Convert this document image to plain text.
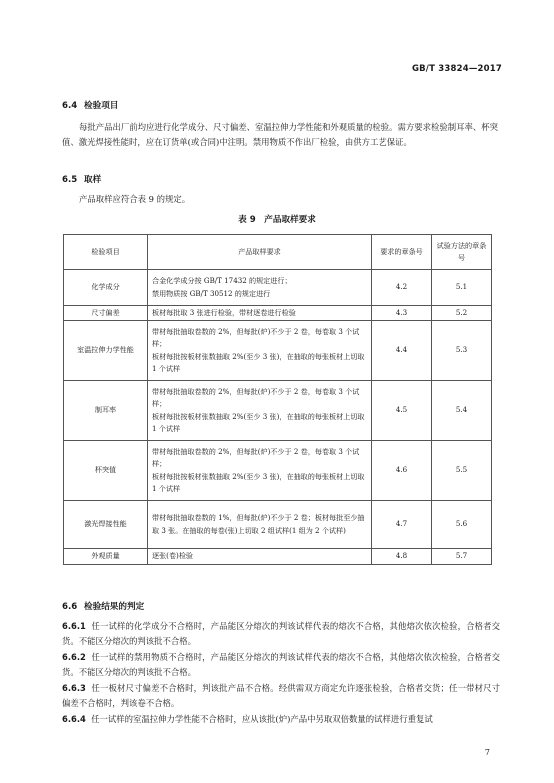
GB/T 33824—2017
6.4 检验项目
每批产品出厂前均应进行化学成分、尺寸偏差、室温拉伸力学性能和外观质量的检验。需方要求检验制耳率、杯突值、激光焊接性能时，应在订货单(或合同)中注明。禁用物质不作出厂检验，由供方工艺保证。
6.5 取样
产品取样应符合表 9 的规定。
表 9　产品取样要求
检验项目	产品取样要求	要求的章条号	试验方法的章条号
化学成分	合金化学成分按 GB/T 17432 的规定进行；
禁用物质按 GB/T 30512 的规定进行	4.2	5.1
尺寸偏差	板材每批取 3 张进行检验，带材逐卷进行检验	4.3	5.2
室温拉伸力学性能	带材每批抽取卷数的 2%，但每批(炉)不少于 2 卷，每卷取 3 个试样；
板材每批按板材张数抽取 2%(至少 3 张)，在抽取的每张板材上切取 1 个试样	4.4	5.3
制耳率	带材每批抽取卷数的 2%，但每批(炉)不少于 2 卷，每卷取 3 个试样；
板材每批按板材张数抽取 2%(至少 3 张)，在抽取的每张板材上切取 1 个试样	4.5	5.4
杯突值	带材每批抽取卷数的 2%，但每批(炉)不少于 2 卷，每卷取 3 个试样；
板材每批按板材张数抽取 2%(至少 3 张)，在抽取的每张板材上切取 1 个试样	4.6	5.5
激光焊接性能	带材每批抽取卷数的 1%，但每批(炉)不少于 2 卷；板材每批至少抽取 3 张。在抽取的每卷(张)上切取 2 组试样(1 组为 2 个试样)	4.7	5.6
外观质量	逐张(卷)检验	4.8	5.7
6.6 检验结果的判定
6.6.1 任一试样的化学成分不合格时，产品能区分熔次的判该试样代表的熔次不合格，其他熔次依次检验，合格者交货。不能区分熔次的判该批不合格。
6.6.2 任一试样的禁用物质不合格时，产品能区分熔次的判该试样代表的熔次不合格，其他熔次依次检验，合格者交货。不能区分熔次的判该批不合格。
6.6.3 任一板材尺寸偏差不合格时，判该批产品不合格。经供需双方商定允许逐张检验，合格者交货；任一带材尺寸偏差不合格时，判该卷不合格。
6.6.4 任一试样的室温拉伸力学性能不合格时，应从该批(炉)产品中另取双倍数量的试样进行重复试
7
